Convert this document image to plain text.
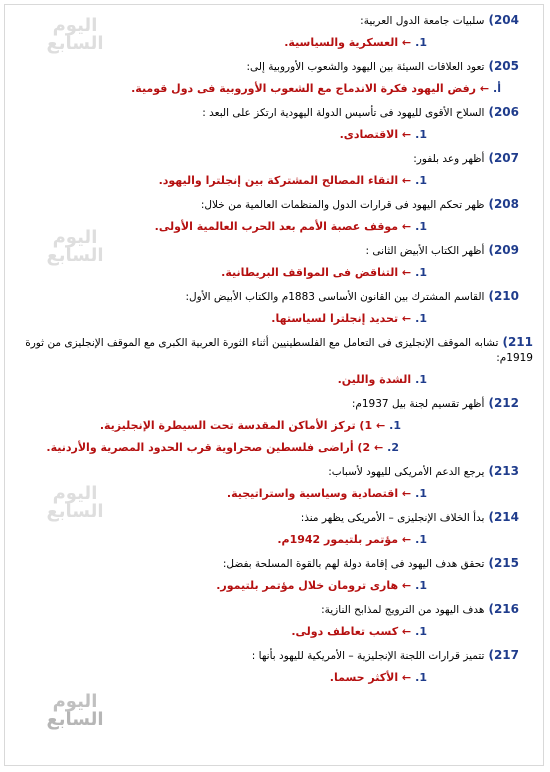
اليوم
السابع
اليوم
السابع
اليوم
السابع
اليوم
السابع

204)سلبيات جامعة الدول العربية:

1.← العسكرية والسياسية.

205)تعود العلاقات السيئة بين اليهود والشعوب الأوروبية إلى:

أ.← رفض اليهود فكرة الاندماج مع الشعوب الأوروبية فى دول قومية.

206)السلاح الأقوى لليهود فى تأسيس الدولة اليهودية ارتكز على البعد :

1.← الاقتصادى.

207)أظهر وعد بلفور:

1.← التقاء المصالح المشتركة بين إنجلترا واليهود.

208)ظهر تحكم اليهود فى قرارات الدول والمنظمات العالمية من خلال:

1.← موقف عصبة الأمم بعد الحرب العالمية الأولى.

209)أظهر الكتاب الأبيض الثانى :

1.← التناقض فى المواقف البريطانية.

210)القاسم المشترك بين القانون الأساسى 1883م والكتاب الأبيض الأول:

1.← تحديد إنجلترا لسياستها.

211)تشابه الموقف الإنجليزى فى التعامل مع الفلسطينيين أثناء الثورة العربية الكبرى مع الموقف الإنجليزى من ثورة 1919م:

1.الشدة واللين.

212)أظهر تقسيم لجنة بيل 1937م:

1.← 1) تركز الأماكن المقدسة تحت السيطرة الإنجليزية.

2.← 2) أراضى فلسطين صحراوية قرب الحدود المصرية والأردنية.

213)يرجع الدعم الأمريكى لليهود لأسباب:

1.← اقتصادية وسياسية واستراتيجية.

214)بدأ الخلاف الإنجليزى – الأمريكى يظهر منذ:

1.← مؤتمر بلتيمور 1942م.

215)تحقق هدف اليهود فى إقامة دولة لهم بالقوة المسلحة بفضل:

1.← هارى ترومان خلال مؤتمر بلتيمور.

216)هدف اليهود من الترويج لمذابح النازية:

1.← كسب تعاطف دولى.

217)تتميز قرارات اللجنة الإنجليزية – الأمريكية لليهود بأنها :

1.← الأكثر حسما.
